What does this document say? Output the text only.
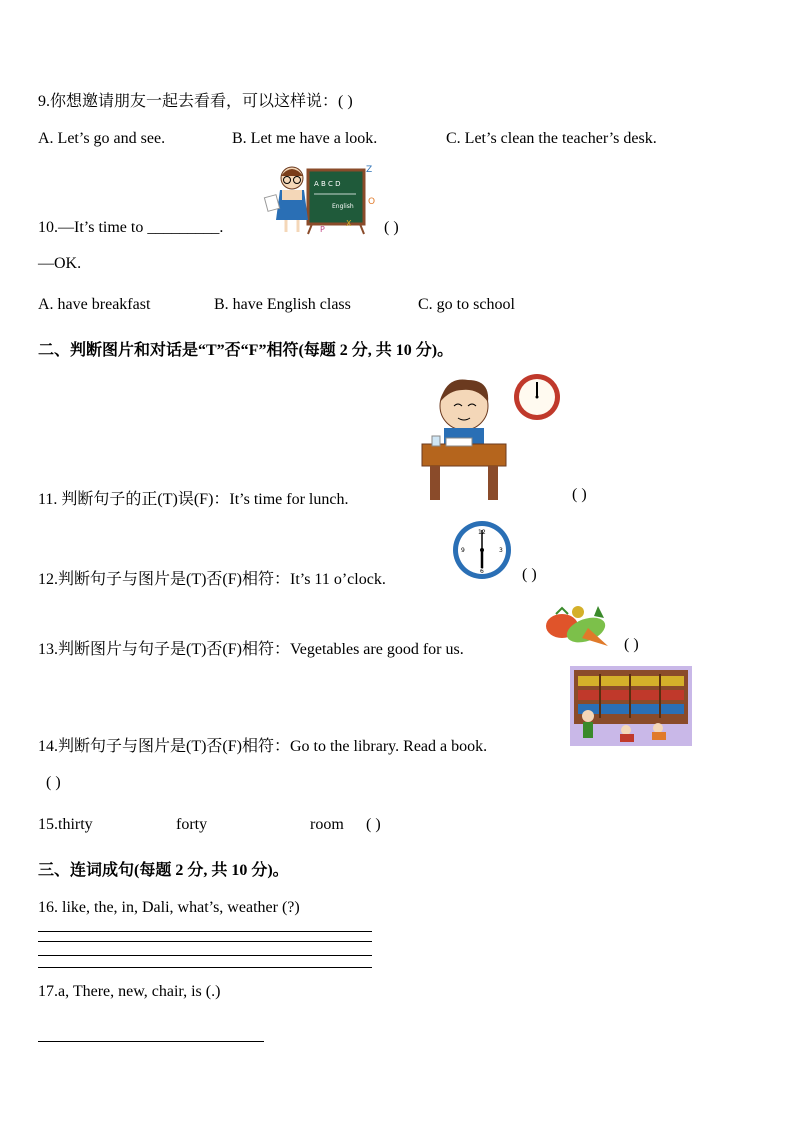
9.你想邀请朋友一起去看看，可以这样说：( )
A. Let’s go and see.	B. Let me have a look.	C. Let’s clean the teacher’s desk.
10.—It’s time to _________.
A B C D
English
Z
O
X
P	( )
—OK.
A. have breakfast	B. have English class	C. go to school
二、判断图片和对话是“T”否“F”相符(每题 2 分, 共 10 分)。
11. 判断句子的正(T)误(F)：It’s time for lunch.	( )
12.判断句子与图片是(T)否(F)相符：It’s 11 o’clock.
12
3
6
9
( )
13.判断图片与句子是(T)否(F)相符：Vegetables are good for us.	( )
14.判断句子与图片是(T)否(F)相符：Go to the library. Read a book.
( )
15.thirty	forty	room ( )
三、连词成句(每题 2 分, 共 10 分)。
16. like, the, in, Dali, what’s, weather (?)
17.a, There, new, chair, is (.)
